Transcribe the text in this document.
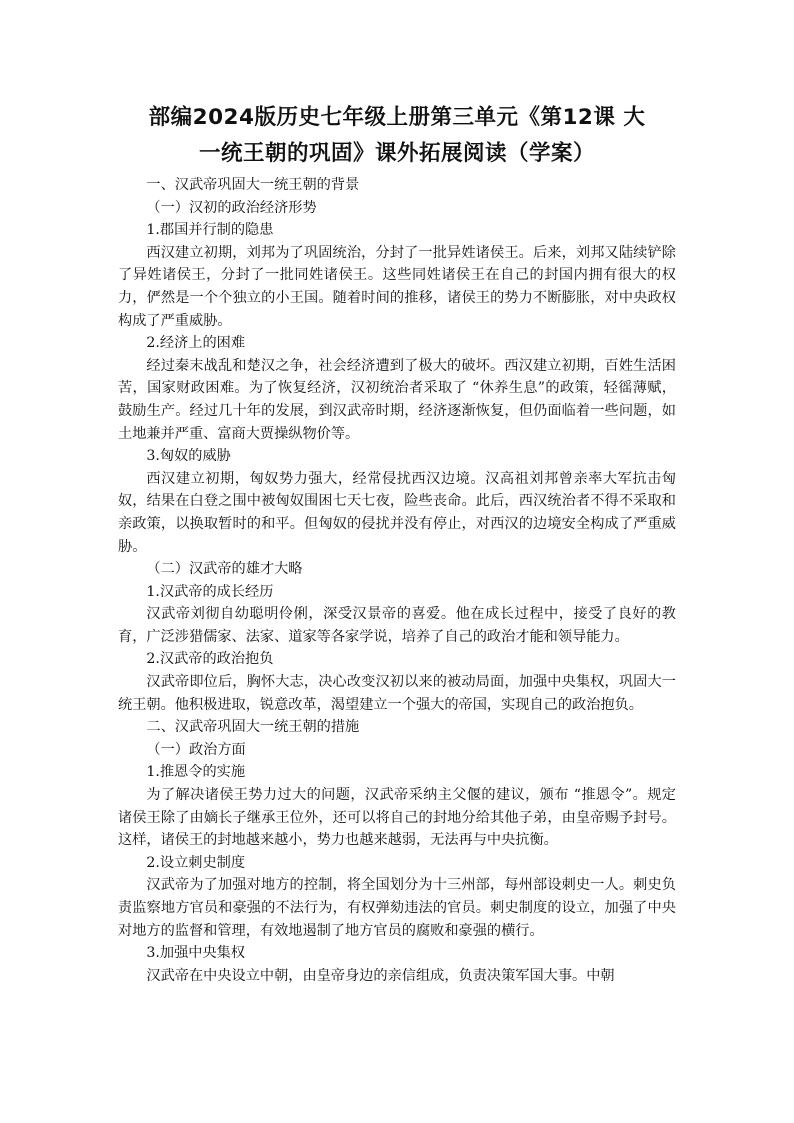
部编2024版历史七年级上册第三单元《第12课 大
一统王朝的巩固》课外拓展阅读（学案）
一、汉武帝巩固大一统王朝的背景
（一）汉初的政治经济形势
1.郡国并行制的隐患

西汉建立初期，刘邦为了巩固统治，分封了一批异姓诸侯王。后来，刘邦又陆续铲除了异姓诸侯王，分封了一批同姓诸侯王。这些同姓诸侯王在自己的封国内拥有很大的权力，俨然是一个个独立的小王国。随着时间的推移，诸侯王的势力不断膨胀，对中央政权构成了严重威胁。

2.经济上的困难

经过秦末战乱和楚汉之争，社会经济遭到了极大的破坏。西汉建立初期，百姓生活困苦，国家财政困难。为了恢复经济，汉初统治者采取了 “休养生息”的政策，轻徭薄赋，鼓励生产。经过几十年的发展，到汉武帝时期，经济逐渐恢复，但仍面临着一些问题，如土地兼并严重、富商大贾操纵物价等。

3.匈奴的威胁

西汉建立初期，匈奴势力强大，经常侵扰西汉边境。汉高祖刘邦曾亲率大军抗击匈奴，结果在白登之围中被匈奴围困七天七夜，险些丧命。此后，西汉统治者不得不采取和亲政策，以换取暂时的和平。但匈奴的侵扰并没有停止，对西汉的边境安全构成了严重威胁。

（二）汉武帝的雄才大略
1.汉武帝的成长经历

汉武帝刘彻自幼聪明伶俐，深受汉景帝的喜爱。他在成长过程中，接受了良好的教育，广泛涉猎儒家、法家、道家等各家学说，培养了自己的政治才能和领导能力。

2.汉武帝的政治抱负

汉武帝即位后，胸怀大志，决心改变汉初以来的被动局面，加强中央集权，巩固大一统王朝。他积极进取，锐意改革，渴望建立一个强大的帝国，实现自己的政治抱负。

二、汉武帝巩固大一统王朝的措施
（一）政治方面
1.推恩令的实施

为了解决诸侯王势力过大的问题，汉武帝采纳主父偃的建议，颁布 “推恩令”。规定诸侯王除了由嫡长子继承王位外，还可以将自己的封地分给其他子弟，由皇帝赐予封号。这样，诸侯王的封地越来越小，势力也越来越弱，无法再与中央抗衡。

2.设立刺史制度

汉武帝为了加强对地方的控制，将全国划分为十三州部，每州部设刺史一人。刺史负责监察地方官员和豪强的不法行为，有权弹劾违法的官员。刺史制度的设立，加强了中央对地方的监督和管理，有效地遏制了地方官员的腐败和豪强的横行。

3.加强中央集权

汉武帝在中央设立中朝，由皇帝身边的亲信组成，负责决策军国大事。中朝
